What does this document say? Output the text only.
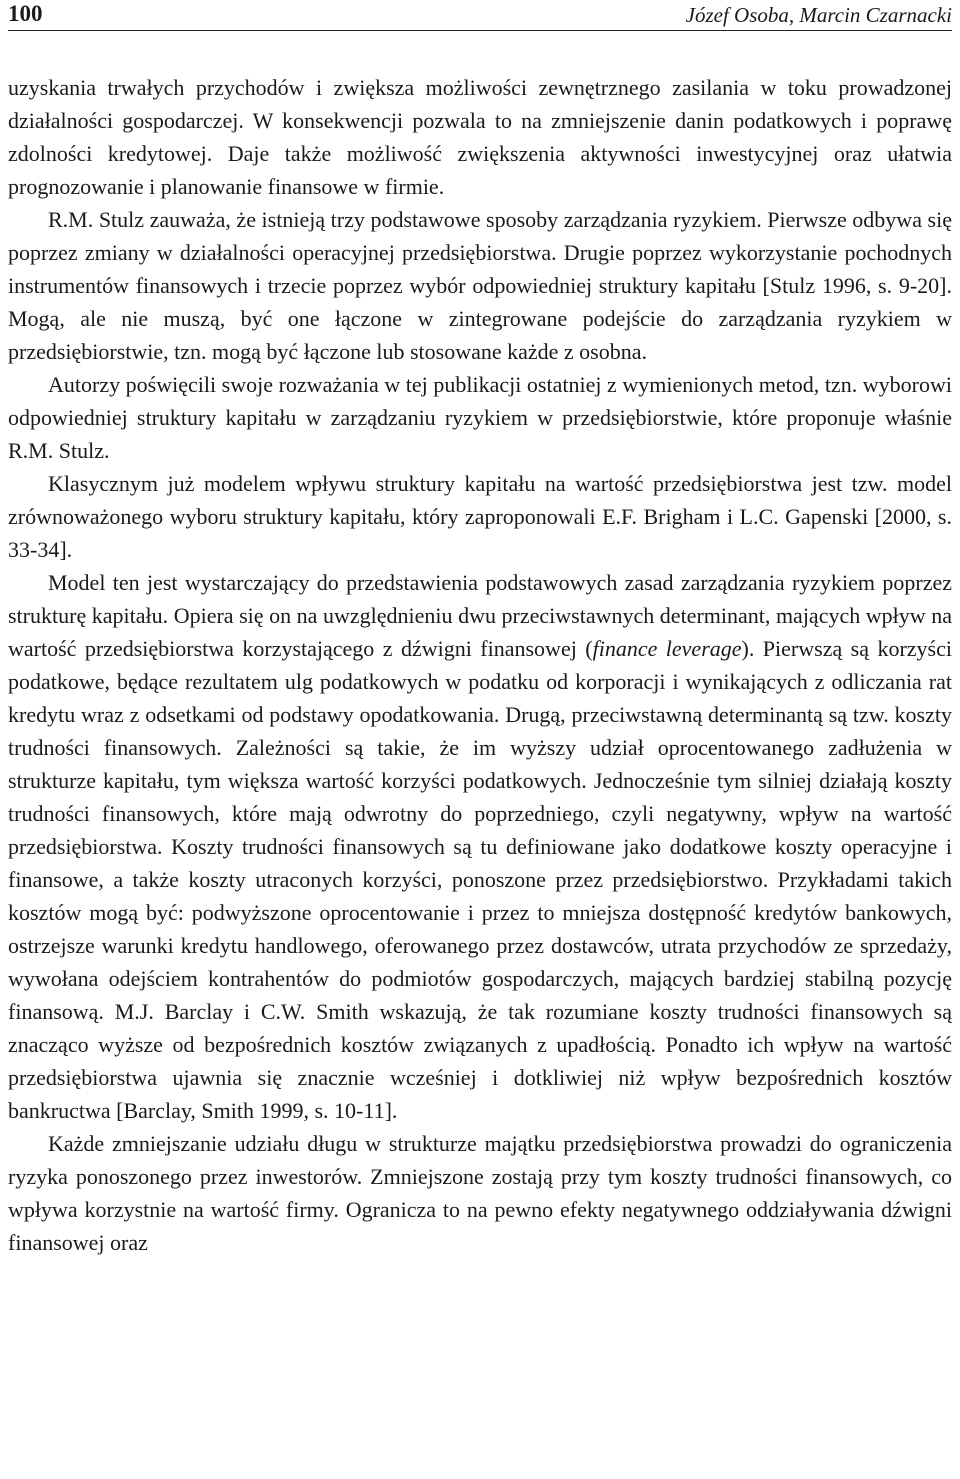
100	Józef Osoba, Marcin Czarnacki

uzyskania trwałych przychodów i zwiększa możliwości zewnętrznego zasilania w toku prowadzonej działalności gospodarczej. W konsekwencji pozwala to na zmniejszenie danin podatkowych i poprawę zdolności kredytowej. Daje także możliwość zwiększenia aktywności inwestycyjnej oraz ułatwia prognozowanie i planowanie finansowe w firmie.

R.M. Stulz zauważa, że istnieją trzy podstawowe sposoby zarządzania ryzykiem. Pierwsze odbywa się poprzez zmiany w działalności operacyjnej przedsiębiorstwa. Drugie poprzez wykorzystanie pochodnych instrumentów finansowych i trzecie poprzez wybór odpowiedniej struktury kapitału [Stulz 1996, s. 9-20]. Mogą, ale nie muszą, być one łączone w zintegrowane podejście do zarządzania ryzykiem w przedsiębiorstwie, tzn. mogą być łączone lub stosowane każde z osobna.

Autorzy poświęcili swoje rozważania w tej publikacji ostatniej z wymienionych metod, tzn. wyborowi odpowiedniej struktury kapitału w zarządzaniu ryzykiem w przedsiębiorstwie, które proponuje właśnie R.M. Stulz.

Klasycznym już modelem wpływu struktury kapitału na wartość przedsiębiorstwa jest tzw. model zrównoważonego wyboru struktury kapitału, który zaproponowali E.F. Brigham i L.C. Gapenski [2000, s. 33-34].

Model ten jest wystarczający do przedstawienia podstawowych zasad zarządzania ryzykiem poprzez strukturę kapitału. Opiera się on na uwzględnieniu dwu przeciwstawnych determinant, mających wpływ na wartość przedsiębiorstwa korzystającego z dźwigni finansowej (finance leverage). Pierwszą są korzyści podatkowe, będące rezultatem ulg podatkowych w podatku od korporacji i wynikających z odliczania rat kredytu wraz z odsetkami od podstawy opodatkowania. Drugą, przeciwstawną determinantą są tzw. koszty trudności finansowych. Zależności są takie, że im wyższy udział oprocentowanego zadłużenia w strukturze kapitału, tym większa wartość korzyści podatkowych. Jednocześnie tym silniej działają koszty trudności finansowych, które mają odwrotny do poprzedniego, czyli negatywny, wpływ na wartość przedsiębiorstwa. Koszty trudności finansowych są tu definiowane jako dodatkowe koszty operacyjne i finansowe, a także koszty utraconych korzyści, ponoszone przez przedsiębiorstwo. Przykładami takich kosztów mogą być: podwyższone oprocentowanie i przez to mniejsza dostępność kredytów bankowych, ostrzejsze warunki kredytu handlowego, oferowanego przez dostawców, utrata przychodów ze sprzedaży, wywołana odejściem kontrahentów do podmiotów gospodarczych, mających bardziej stabilną pozycję finansową. M.J. Barclay i C.W. Smith wskazują, że tak rozumiane koszty trudności finansowych są znacząco wyższe od bezpośrednich kosztów związanych z upadłością. Ponadto ich wpływ na wartość przedsiębiorstwa ujawnia się znacznie wcześniej i dotkliwiej niż wpływ bezpośrednich kosztów bankructwa [Barclay, Smith 1999, s. 10-11].

Każde zmniejszanie udziału długu w strukturze majątku przedsiębiorstwa prowadzi do ograniczenia ryzyka ponoszonego przez inwestorów. Zmniejszone zostają przy tym koszty trudności finansowych, co wpływa korzystnie na wartość firmy. Ogranicza to na pewno efekty negatywnego oddziaływania dźwigni finansowej oraz
